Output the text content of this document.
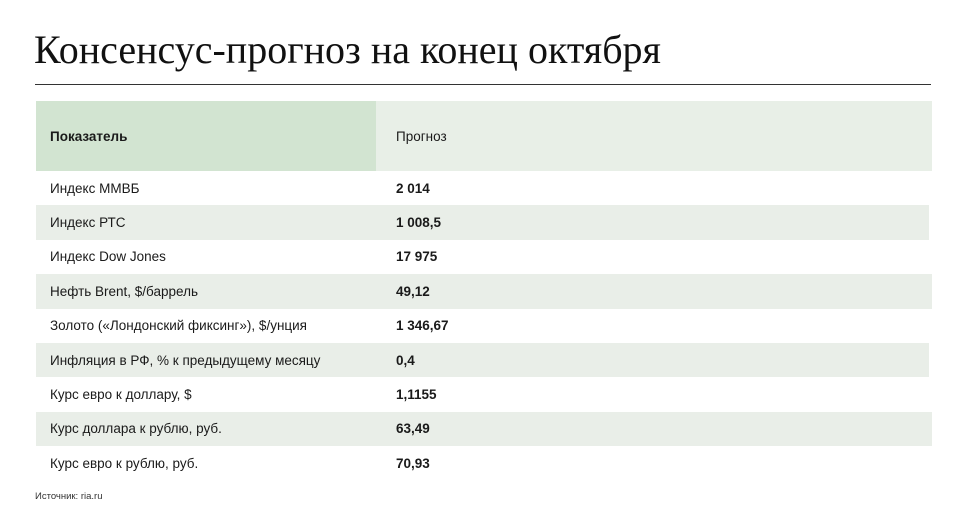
Консенсус-прогноз на конец октября
Показатель	Прогноз
Индекс ММВБ	2 014
Индекс РТС	1 008,5
Индекс Dow Jones	17 975
Нефть Brent, $/баррель	49,12
Золото («Лондонский фиксинг»), $/унция	1 346,67
Инфляция в РФ, % к предыдущему месяцу	0,4
Курс евро к доллару, $	1,1155
Курс доллара к рублю, руб.	63,49
Курс евро к рублю, руб.	70,93
Источник: ria.ru
